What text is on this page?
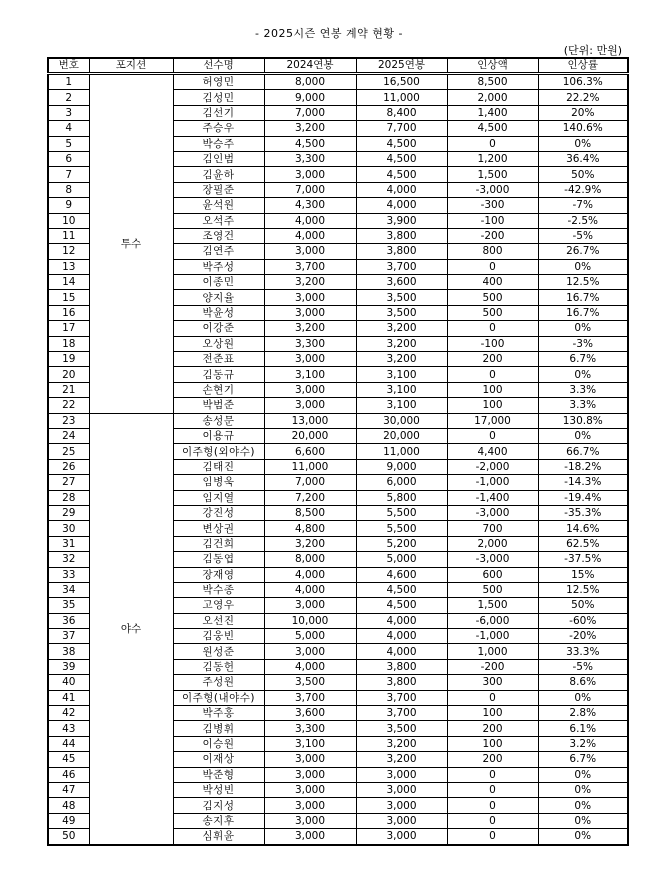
- 2025시즌 연봉 계약 현황 -
(단위: 만원)
번호	포지션	선수명	2024연봉	2025연봉	인상액	인상률
1	투수	허영민	8,000	16,500	8,500	106.3%
2		김성민	9,000	11,000	2,000	22.2%
3		김선기	7,000	8,400	1,400	20%
4		주승우	3,200	7,700	4,500	140.6%
5		박승주	4,500	4,500	0	0%
6		김인범	3,300	4,500	1,200	36.4%
7		김윤하	3,000	4,500	1,500	50%
8		장필준	7,000	4,000	-3,000	-42.9%
9		윤석원	4,300	4,000	-300	-7%
10		오석주	4,000	3,900	-100	-2.5%
11		조영건	4,000	3,800	-200	-5%
12		김연주	3,000	3,800	800	26.7%
13		박주성	3,700	3,700	0	0%
14		이종민	3,200	3,600	400	12.5%
15		양지율	3,000	3,500	500	16.7%
16		박윤성	3,000	3,500	500	16.7%
17		이강준	3,200	3,200	0	0%
18		오상원	3,300	3,200	-100	-3%
19		전준표	3,000	3,200	200	6.7%
20		김동규	3,100	3,100	0	0%
21		손현기	3,000	3,100	100	3.3%
22		박범준	3,000	3,100	100	3.3%
23	야수	송성문	13,000	30,000	17,000	130.8%
24		이용규	20,000	20,000	0	0%
25		이주형(외야수)	6,600	11,000	4,400	66.7%
26		김태진	11,000	9,000	-2,000	-18.2%
27		임병욱	7,000	6,000	-1,000	-14.3%
28		임지열	7,200	5,800	-1,400	-19.4%
29		강진성	8,500	5,500	-3,000	-35.3%
30		변상권	4,800	5,500	700	14.6%
31		김건희	3,200	5,200	2,000	62.5%
32		김동엽	8,000	5,000	-3,000	-37.5%
33		장재영	4,000	4,600	600	15%
34		박수종	4,000	4,500	500	12.5%
35		고영우	3,000	4,500	1,500	50%
36		오선진	10,000	4,000	-6,000	-60%
37		김웅빈	5,000	4,000	-1,000	-20%
38		원성준	3,000	4,000	1,000	33.3%
39		김동헌	4,000	3,800	-200	-5%
40		주성원	3,500	3,800	300	8.6%
41		이주형(내야수)	3,700	3,700	0	0%
42		박주홍	3,600	3,700	100	2.8%
43		김병휘	3,300	3,500	200	6.1%
44		이승원	3,100	3,200	100	3.2%
45		이재상	3,000	3,200	200	6.7%
46		박준형	3,000	3,000	0	0%
47		박성빈	3,000	3,000	0	0%
48		김지성	3,000	3,000	0	0%
49		송지후	3,000	3,000	0	0%
50		심휘윤	3,000	3,000	0	0%
